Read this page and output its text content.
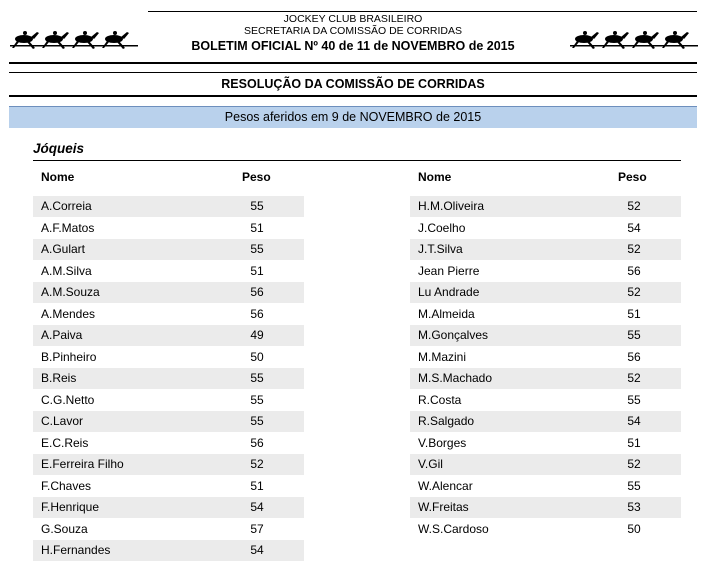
JOCKEY CLUB BRASILEIRO
SECRETARIA DA COMISSÃO DE CORRIDAS
BOLETIM OFICIAL Nº 40 de 11 de NOVEMBRO de 2015
RESOLUÇÃO DA COMISSÃO DE CORRIDAS
Pesos aferidos em 9 de NOVEMBRO de 2015
Jóqueis
Nome	Peso	Nome	Peso
A.Correia	55
A.F.Matos	51
A.Gulart	55
A.M.Silva	51
A.M.Souza	56
A.Mendes	56
A.Paiva	49
B.Pinheiro	50
B.Reis	55
C.G.Netto	55
C.Lavor	55
E.C.Reis	56
E.Ferreira Filho	52
F.Chaves	51
F.Henrique	54
G.Souza	57
H.Fernandes	54
H.M.Oliveira	52
J.Coelho	54
J.T.Silva	52
Jean Pierre	56
Lu Andrade	52
M.Almeida	51
M.Gonçalves	55
M.Mazini	56
M.S.Machado	52
R.Costa	55
R.Salgado	54
V.Borges	51
V.Gil	52
W.Alencar	55
W.Freitas	53
W.S.Cardoso	50
